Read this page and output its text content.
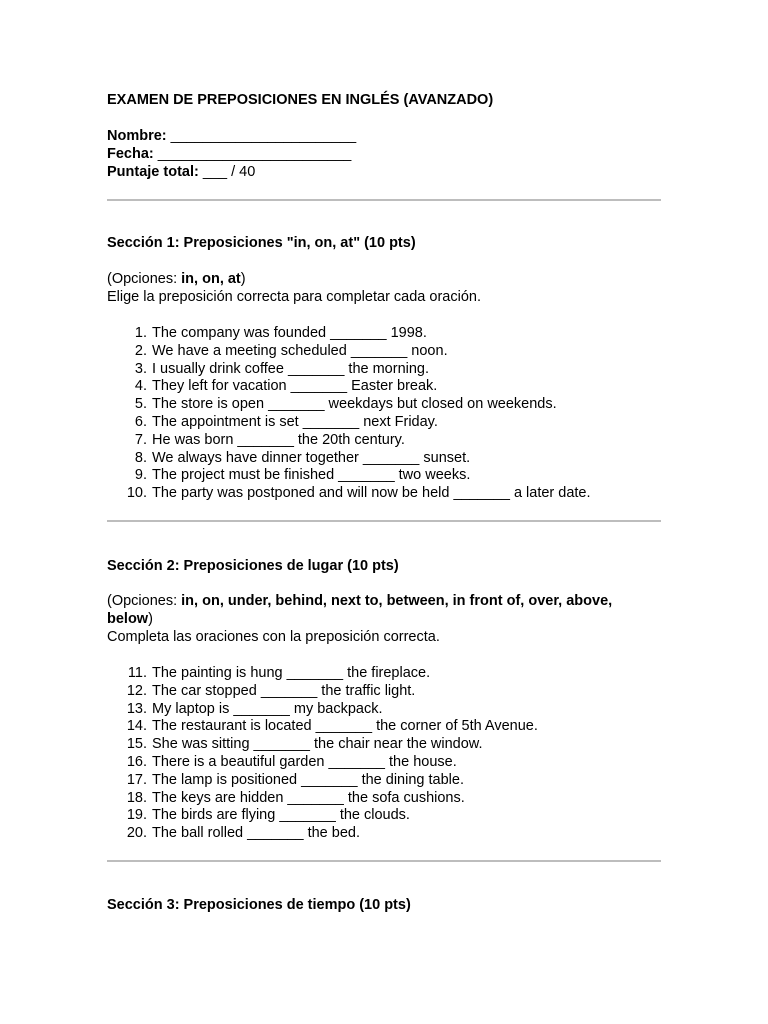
EXAMEN DE PREPOSICIONES EN INGLÉS (AVANZADO)
Nombre: _______________________
Fecha: ________________________
Puntaje total: ___ / 40
Sección 1: Preposiciones "in, on, at" (10 pts)
(Opciones: in, on, at)
Elige la preposición correcta para completar cada oración.
1. The company was founded _______ 1998.
2. We have a meeting scheduled _______ noon.
3. I usually drink coffee _______ the morning.
4. They left for vacation _______ Easter break.
5. The store is open _______ weekdays but closed on weekends.
6. The appointment is set _______ next Friday.
7. He was born _______ the 20th century.
8. We always have dinner together _______ sunset.
9. The project must be finished _______ two weeks.
10. The party was postponed and will now be held _______ a later date.
Sección 2: Preposiciones de lugar (10 pts)
(Opciones: in, on, under, behind, next to, between, in front of, over, above, below)
Completa las oraciones con la preposición correcta.
11. The painting is hung _______ the fireplace.
12. The car stopped _______ the traffic light.
13. My laptop is _______ my backpack.
14. The restaurant is located _______ the corner of 5th Avenue.
15. She was sitting _______ the chair near the window.
16. There is a beautiful garden _______ the house.
17. The lamp is positioned _______ the dining table.
18. The keys are hidden _______ the sofa cushions.
19. The birds are flying _______ the clouds.
20. The ball rolled _______ the bed.
Sección 3: Preposiciones de tiempo (10 pts)
